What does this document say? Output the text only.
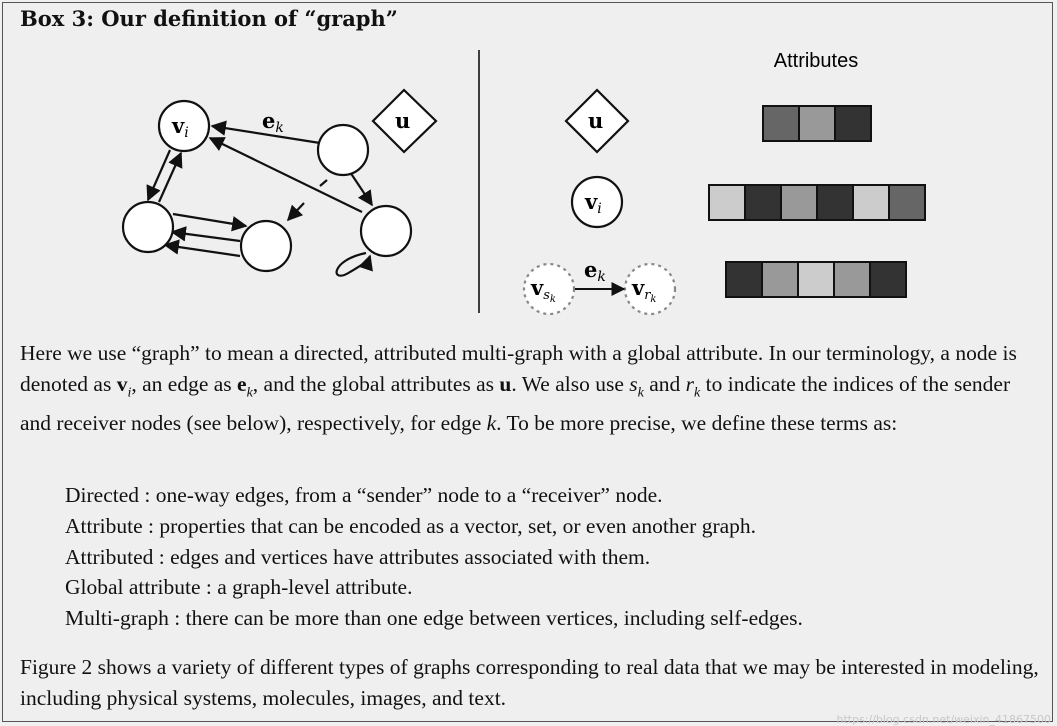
Box 3: Our definition of “graph”
vi	ek	u
Attributes
u
vi
vsk	vrk
ek

Here we use “graph” to mean a directed, attributed multi-graph with a global attribute. In our terminology, a node is denoted as $v_i$, an edge as $e_k$, and the global attributes as u. We also use $s_k$ and $r_k$ to indicate the indices of the sender and receiver nodes (see below), respectively, for edge k. To be more precise, we define these terms as:

Directed : one-way edges, from a “sender” node to a “receiver” node.
Attribute : properties that can be encoded as a vector, set, or even another graph.
Attributed : edges and vertices have attributes associated with them.
Global attribute : a graph-level attribute.
Multi-graph : there can be more than one edge between vertices, including self-edges.

Figure 2 shows a variety of different types of graphs corresponding to real data that we may be interested in modeling, including physical systems, molecules, images, and text.

https://blog.csdn.net/weixin_41867500
